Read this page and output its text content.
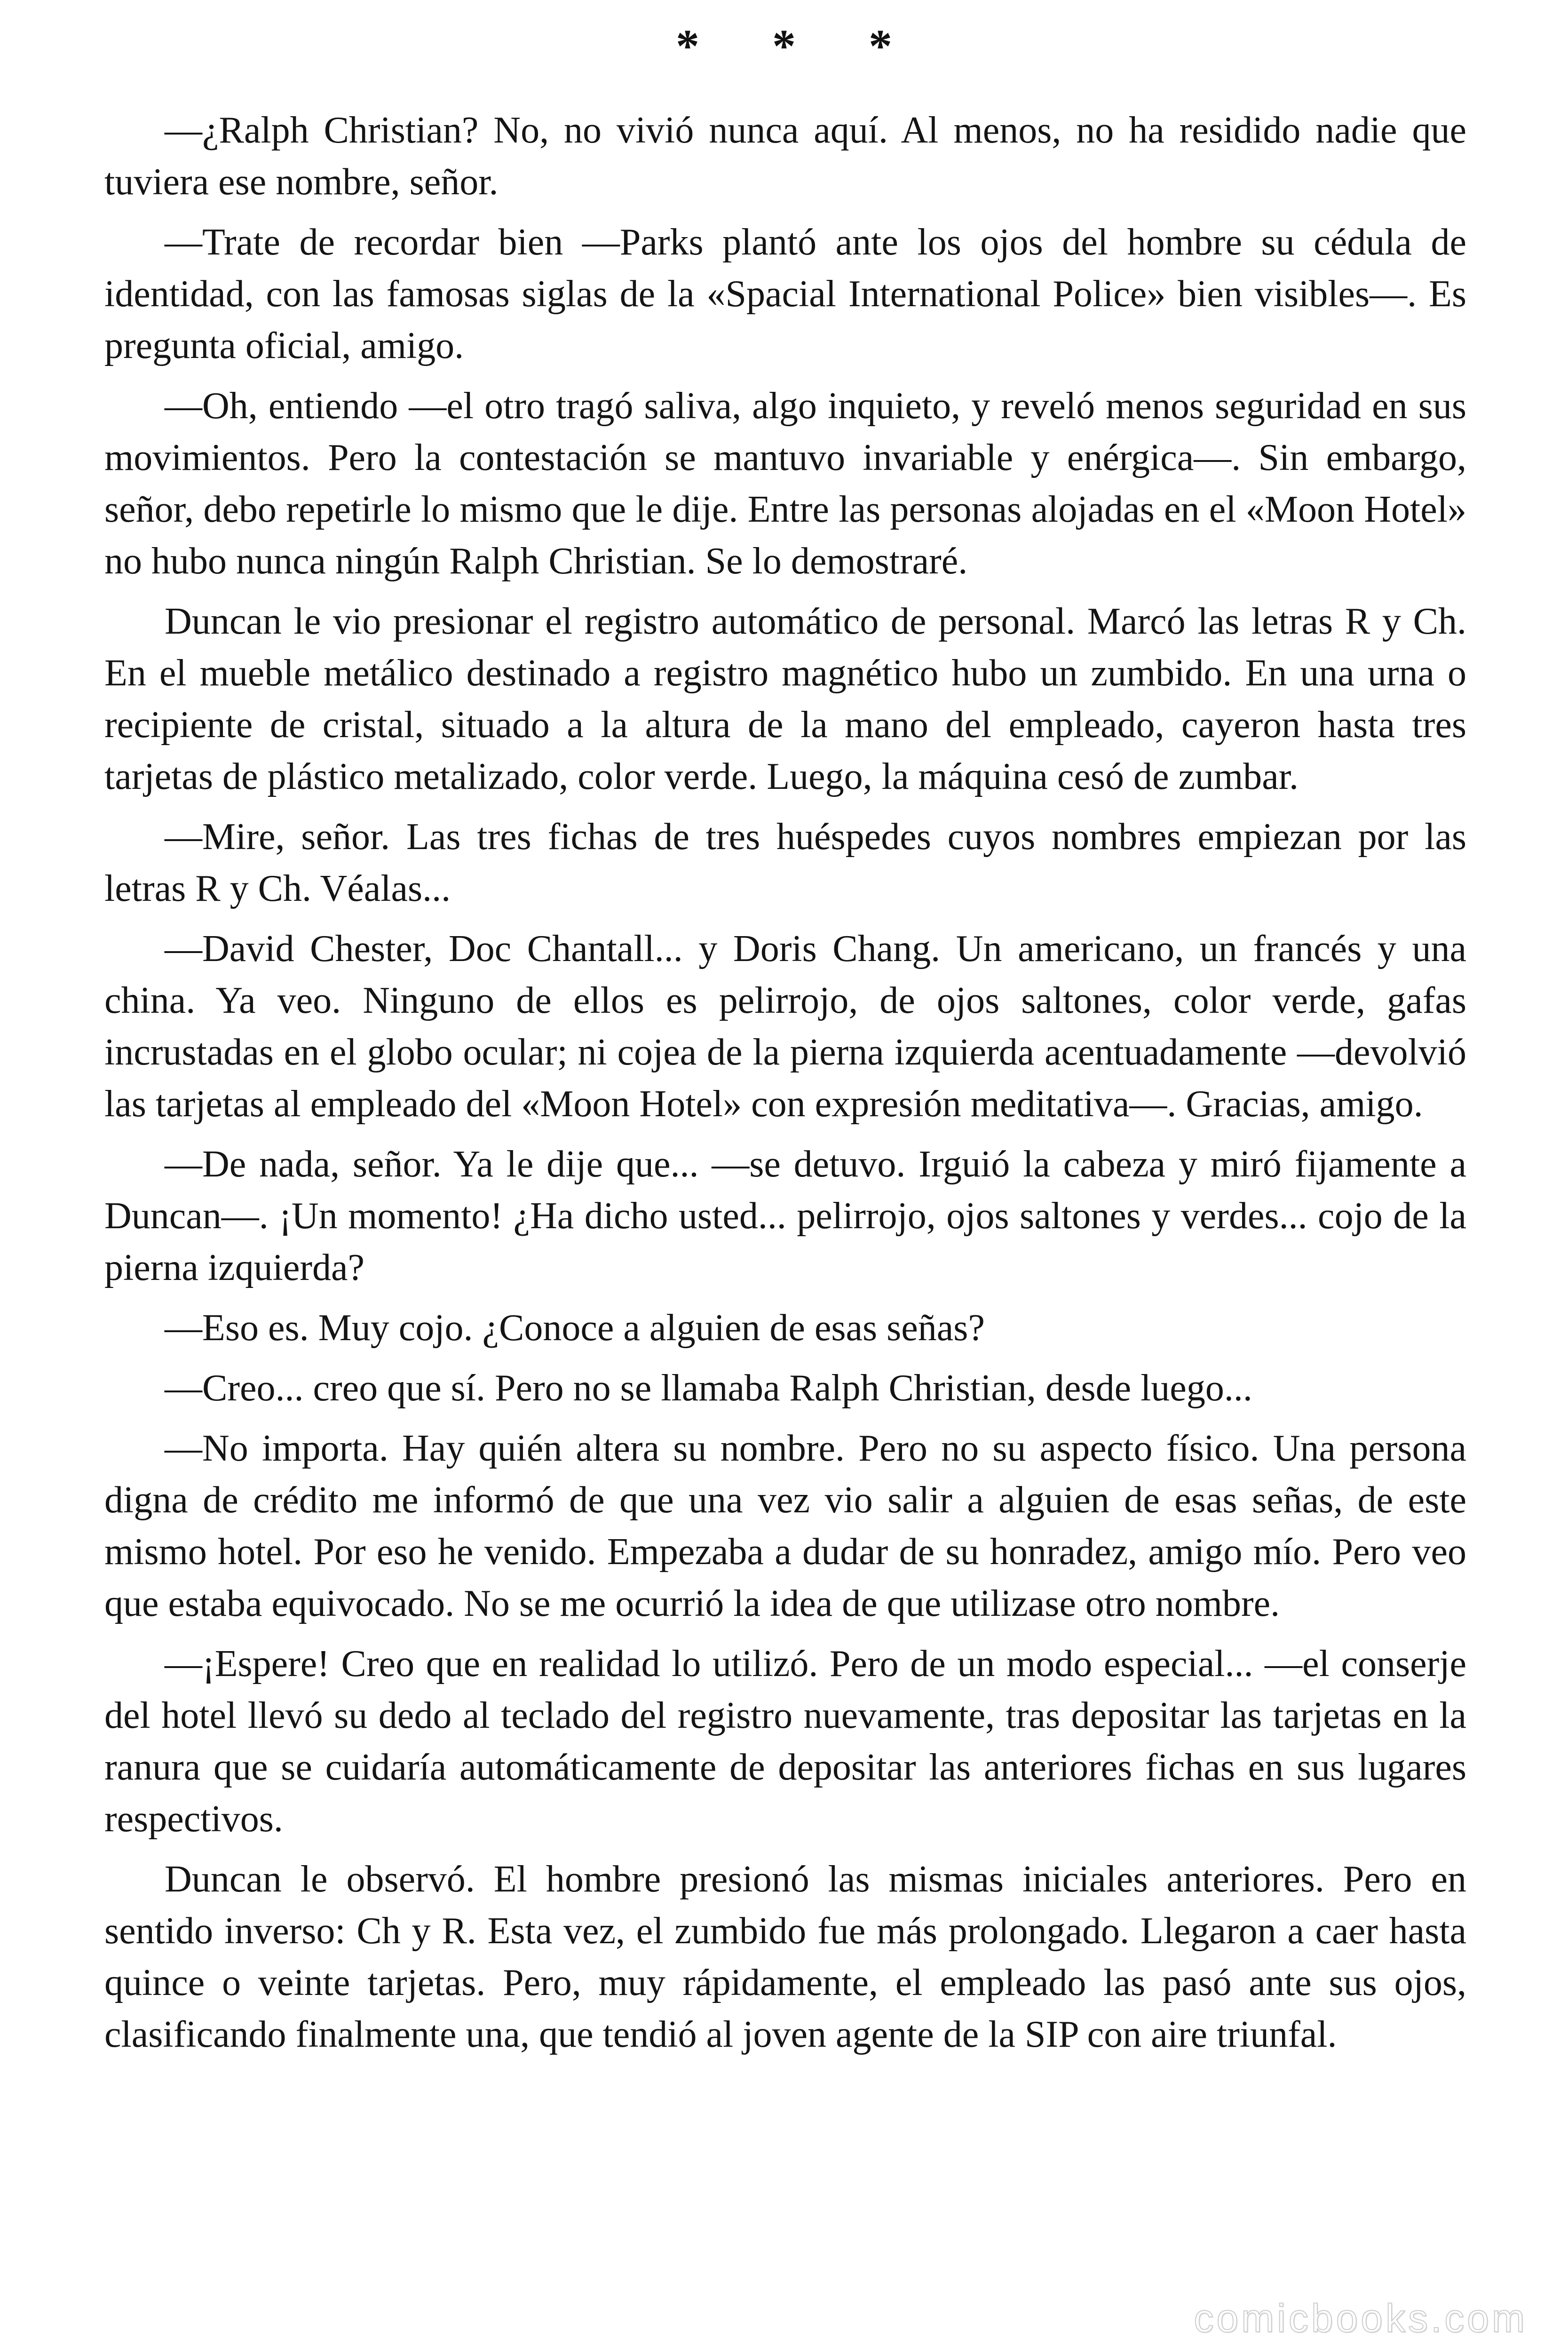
* * *

—¿Ralph Christian? No, no vivió nunca aquí. Al menos, no ha residido nadie que tuviera ese nombre, señor.

—Trate de recordar bien —Parks plantó ante los ojos del hombre su cédula de identidad, con las famosas siglas de la «Spacial International Police» bien visibles—. Es pregunta oficial, amigo.

—Oh, entiendo —el otro tragó saliva, algo inquieto, y reveló menos seguridad en sus movimientos. Pero la contestación se mantuvo invariable y enérgica—. Sin embargo, señor, debo repetirle lo mismo que le dije. Entre las personas alojadas en el «Moon Hotel» no hubo nunca ningún Ralph Christian. Se lo demostraré.

Duncan le vio presionar el registro automático de personal. Marcó las letras R y Ch. En el mueble metálico destinado a registro magnético hubo un zumbido. En una urna o recipiente de cristal, situado a la altura de la mano del empleado, cayeron hasta tres tarjetas de plástico metalizado, color verde. Luego, la máquina cesó de zumbar.

—Mire, señor. Las tres fichas de tres huéspedes cuyos nombres empiezan por las letras R y Ch. Véalas...

—David Chester, Doc Chantall... y Doris Chang. Un americano, un francés y una china. Ya veo. Ninguno de ellos es pelirrojo, de ojos saltones, color verde, gafas incrustadas en el globo ocular; ni cojea de la pierna izquierda acentuadamente —devolvió las tarjetas al empleado del «Moon Hotel» con expresión meditativa—. Gracias, amigo.

—De nada, señor. Ya le dije que... —se detuvo. Irguió la cabeza y miró fijamente a Duncan—. ¡Un momento! ¿Ha dicho usted... pelirrojo, ojos saltones y verdes... cojo de la pierna izquierda?

—Eso es. Muy cojo. ¿Conoce a alguien de esas señas?

—Creo... creo que sí. Pero no se llamaba Ralph Christian, desde luego...

—No importa. Hay quién altera su nombre. Pero no su aspecto físico. Una persona digna de crédito me informó de que una vez vio salir a alguien de esas señas, de este mismo hotel. Por eso he venido. Empezaba a dudar de su honradez, amigo mío. Pero veo que estaba equivocado. No se me ocurrió la idea de que utilizase otro nombre.

—¡Espere! Creo que en realidad lo utilizó. Pero de un modo especial... —el conserje del hotel llevó su dedo al teclado del registro nuevamente, tras depositar las tarjetas en la ranura que se cuidaría automáticamente de depositar las anteriores fichas en sus lugares respectivos.

Duncan le observó. El hombre presionó las mismas iniciales anteriores. Pero en sentido inverso: Ch y R. Esta vez, el zumbido fue más prolongado. Llegaron a caer hasta quince o veinte tarjetas. Pero, muy rápidamente, el empleado las pasó ante sus ojos, clasificando finalmente una, que tendió al joven agente de la SIP con aire triunfal.

comicbooks.com
